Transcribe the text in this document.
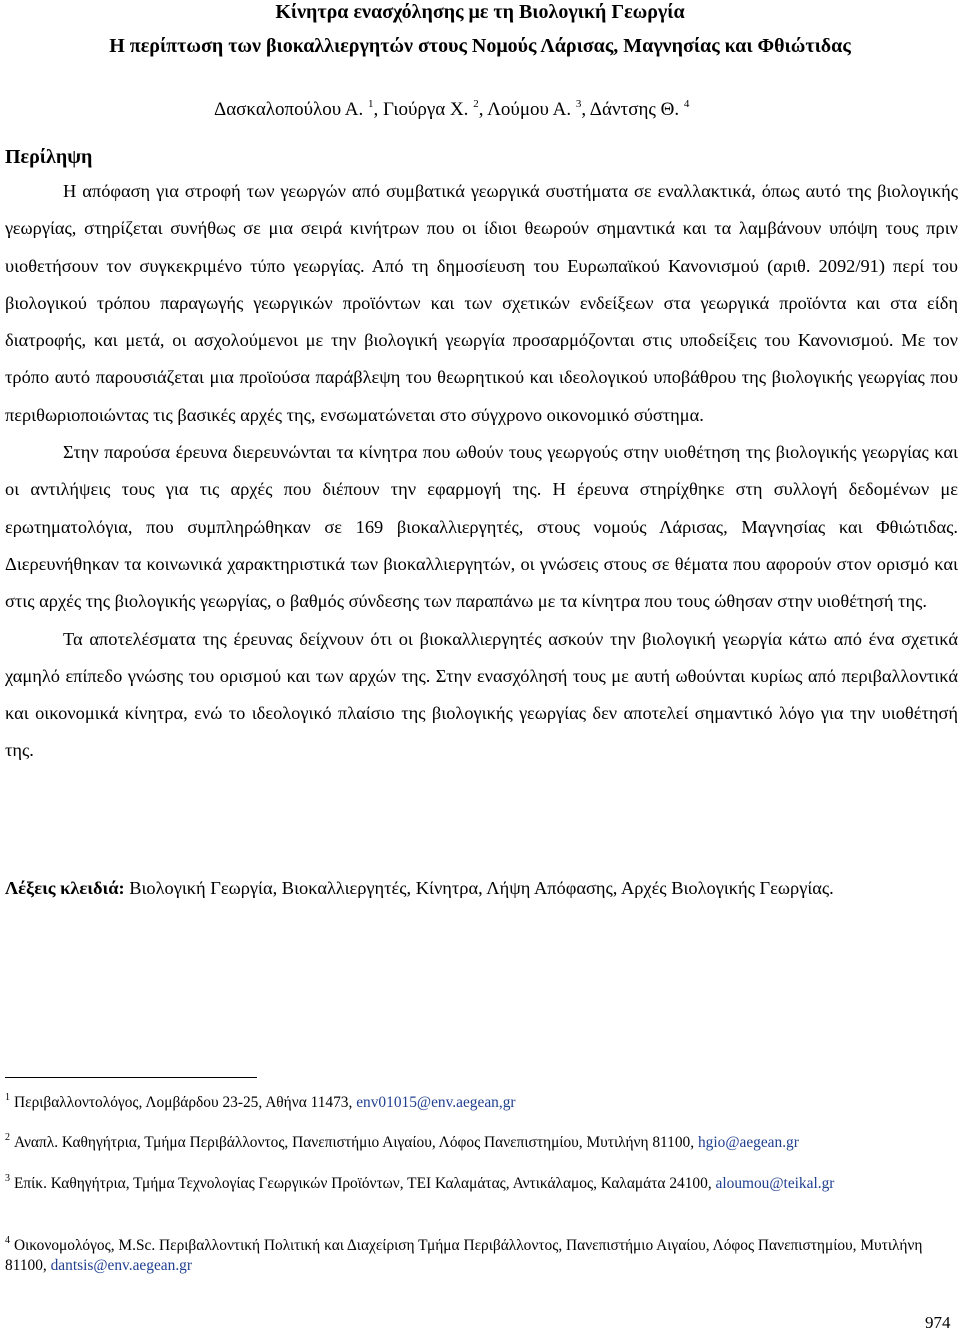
Κίνητρα ενασχόλησης με τη Βιολογική Γεωργία
Η περίπτωση των βιοκαλλιεργητών στους Νομούς Λάρισας, Μαγνησίας και Φθιώτιδας
Δασκαλοπούλου Α. $^1$, Γιούργα Χ. $^2$, Λούμου Α. $^3$, Δάντσης Θ. $^4$
Περίληψη

Η απόφαση για στροφή των γεωργών από συμβατικά γεωργικά συστήματα σε εναλλακτικά, όπως αυτό της βιολογικής γεωργίας, στηρίζεται συνήθως σε μια σειρά κινήτρων που οι ίδιοι θεωρούν σημαντικά και τα λαμβάνουν υπόψη τους πριν υιοθετήσουν τον συγκεκριμένο τύπο γεωργίας. Από τη δημοσίευση του Ευρωπαϊκού Κανονισμού (αριθ. 2092/91) περί του βιολογικού τρόπου παραγωγής γεωργικών προϊόντων και των σχετικών ενδείξεων στα γεωργικά προϊόντα και στα είδη διατροφής, και μετά, οι ασχολούμενοι με την βιολογική γεωργία προσαρμόζονται στις υποδείξεις του Κανονισμού. Με τον τρόπο αυτό παρουσιάζεται μια προϊούσα παράβλεψη του θεωρητικού και ιδεολογικού υποβάθρου της βιολογικής γεωργίας που περιθωριοποιώντας τις βασικές αρχές της, ενσωματώνεται στο σύγχρονο οικονομικό σύστημα.

Στην παρούσα έρευνα διερευνώνται τα κίνητρα που ωθούν τους γεωργούς στην υιοθέτηση της βιολογικής γεωργίας και οι αντιλήψεις τους για τις αρχές που διέπουν την εφαρμογή της. Η έρευνα στηρίχθηκε στη συλλογή δεδομένων με ερωτηματολόγια, που συμπληρώθηκαν σε 169 βιοκαλλιεργητές, στους νομούς Λάρισας, Μαγνησίας και Φθιώτιδας. Διερευνήθηκαν τα κοινωνικά χαρακτηριστικά των βιοκαλλιεργητών, οι γνώσεις στους σε θέματα που αφορούν στον ορισμό και στις αρχές της βιολογικής γεωργίας, ο βαθμός σύνδεσης των παραπάνω με τα κίνητρα που τους ώθησαν στην υιοθέτησή της.

Τα αποτελέσματα της έρευνας δείχνουν ότι οι βιοκαλλιεργητές ασκούν την βιολογική γεωργία κάτω από ένα σχετικά χαμηλό επίπεδο γνώσης του ορισμού και των αρχών της. Στην ενασχόλησή τους με αυτή ωθούνται κυρίως από περιβαλλοντικά και οικονομικά κίνητρα, ενώ το ιδεολογικό πλαίσιο της βιολογικής γεωργίας δεν αποτελεί σημαντικό λόγο για την υιοθέτησή της.

Λέξεις κλειδιά: Βιολογική Γεωργία, Βιοκαλλιεργητές, Κίνητρα, Λήψη Απόφασης, Αρχές Βιολογικής Γεωργίας.
$^1$ Περιβαλλοντολόγος, Λομβάρδου 23-25, Αθήνα 11473, env01015@env.aegean,gr
$^2$ Αναπλ. Καθηγήτρια, Τμήμα Περιβάλλοντος, Πανεπιστήμιο Αιγαίου, Λόφος Πανεπιστημίου, Μυτιλήνη 81100, hgio@aegean.gr
$^3$ Επίκ. Καθηγήτρια, Τμήμα Τεχνολογίας Γεωργικών Προϊόντων, ΤΕΙ Καλαμάτας, Αντικάλαμος, Καλαμάτα 24100, aloumou@teikal.gr
$^4$ Οικονομολόγος, M.Sc. Περιβαλλοντική Πολιτική και Διαχείριση Τμήμα Περιβάλλοντος, Πανεπιστήμιο Αιγαίου, Λόφος Πανεπιστημίου, Μυτιλήνη 81100, dantsis@env.aegean.gr
974
